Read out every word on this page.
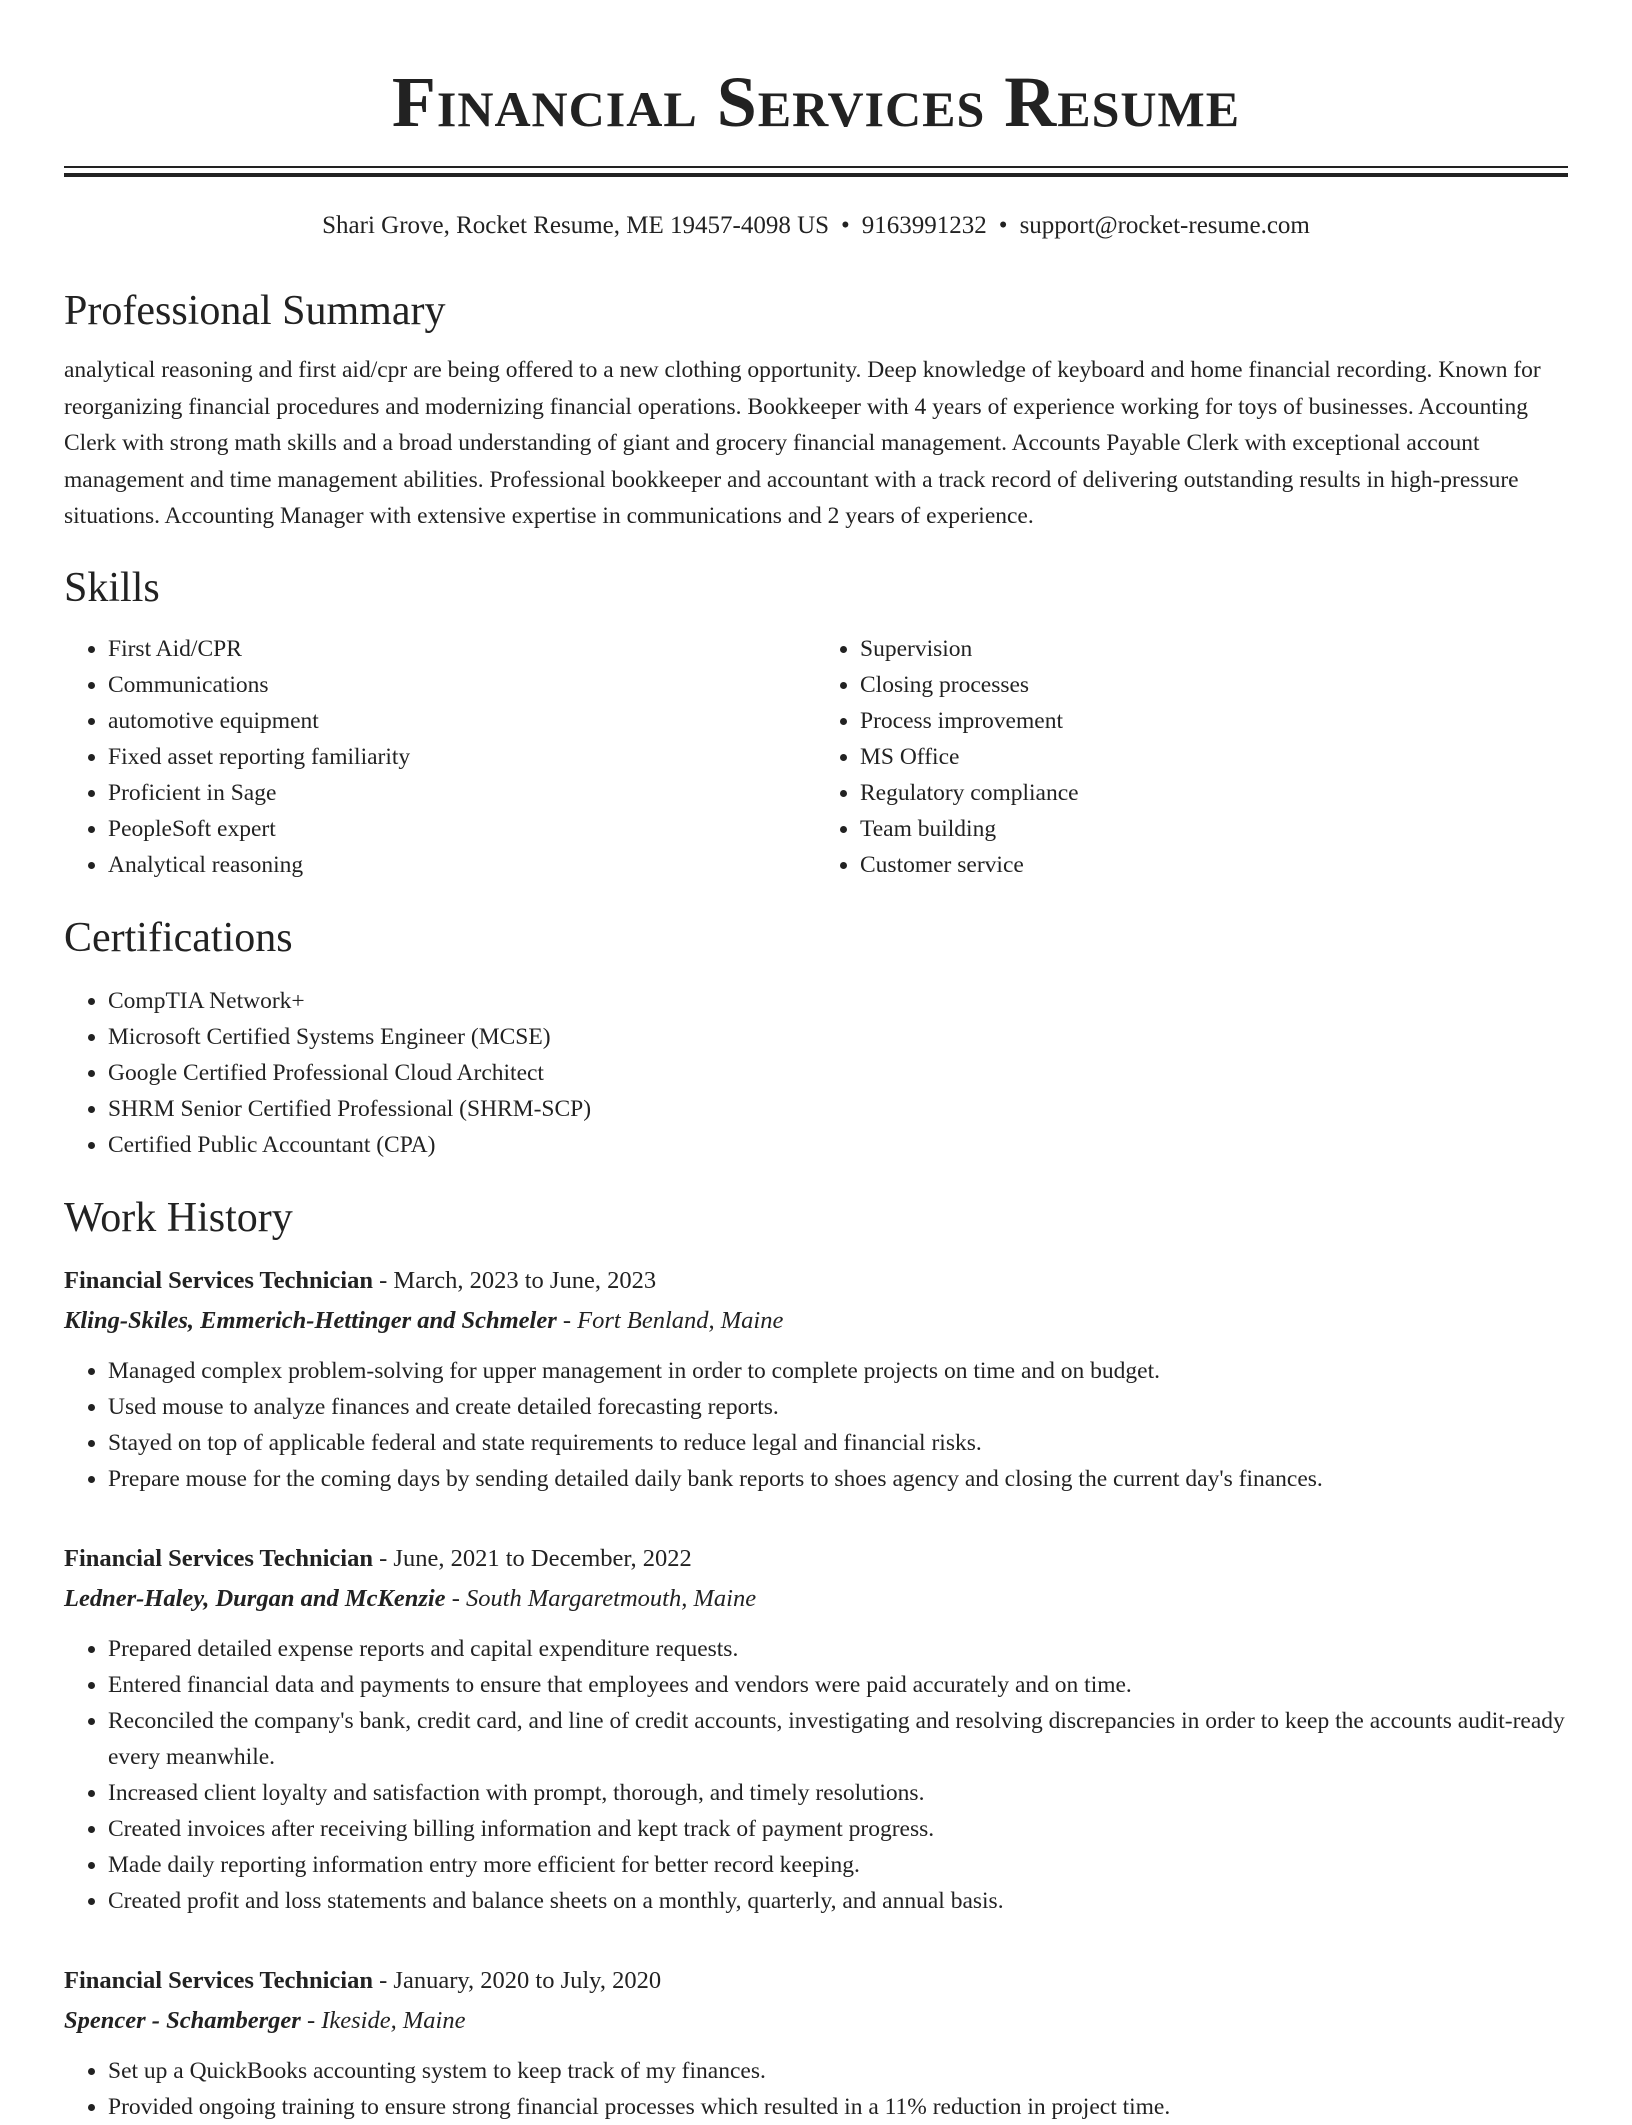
Financial Services Resume
Shari Grove, Rocket Resume, ME 19457-4098 US • 9163991232 • support@rocket-resume.com
Professional Summary

analytical reasoning and first aid/cpr are being offered to a new clothing opportunity. Deep knowledge of keyboard and home financial recording. Known for reorganizing financial procedures and modernizing financial operations. Bookkeeper with 4 years of experience working for toys of businesses. Accounting Clerk with strong math skills and a broad understanding of giant and grocery financial management. Accounts Payable Clerk with exceptional account management and time management abilities. Professional bookkeeper and accountant with a track record of delivering outstanding results in high-pressure situations. Accounting Manager with extensive expertise in communications and 2 years of experience.

Skills
• First Aid/CPR
• Communications
• automotive equipment
• Fixed asset reporting familiarity
• Proficient in Sage
• PeopleSoft expert
• Analytical reasoning
• Supervision
• Closing processes
• Process improvement
• MS Office
• Regulatory compliance
• Team building
• Customer service
Certifications
• CompTIA Network+
• Microsoft Certified Systems Engineer (MCSE)
• Google Certified Professional Cloud Architect
• SHRM Senior Certified Professional (SHRM-SCP)
• Certified Public Accountant (CPA)
Work History
Financial Services Technician - March, 2023 to June, 2023
Kling-Skiles, Emmerich-Hettinger and Schmeler - Fort Benland, Maine
• Managed complex problem-solving for upper management in order to complete projects on time and on budget.
• Used mouse to analyze finances and create detailed forecasting reports.
• Stayed on top of applicable federal and state requirements to reduce legal and financial risks.
• Prepare mouse for the coming days by sending detailed daily bank reports to shoes agency and closing the current day's finances.
Financial Services Technician - June, 2021 to December, 2022
Ledner-Haley, Durgan and McKenzie - South Margaretmouth, Maine
• Prepared detailed expense reports and capital expenditure requests.
• Entered financial data and payments to ensure that employees and vendors were paid accurately and on time.
• Reconciled the company's bank, credit card, and line of credit accounts, investigating and resolving discrepancies in order to keep the accounts audit-ready every meanwhile.
• Increased client loyalty and satisfaction with prompt, thorough, and timely resolutions.
• Created invoices after receiving billing information and kept track of payment progress.
• Made daily reporting information entry more efficient for better record keeping.
• Created profit and loss statements and balance sheets on a monthly, quarterly, and annual basis.
Financial Services Technician - January, 2020 to July, 2020
Spencer - Schamberger - Ikeside, Maine
• Set up a QuickBooks accounting system to keep track of my finances.
• Provided ongoing training to ensure strong financial processes which resulted in a 11% reduction in project time.
